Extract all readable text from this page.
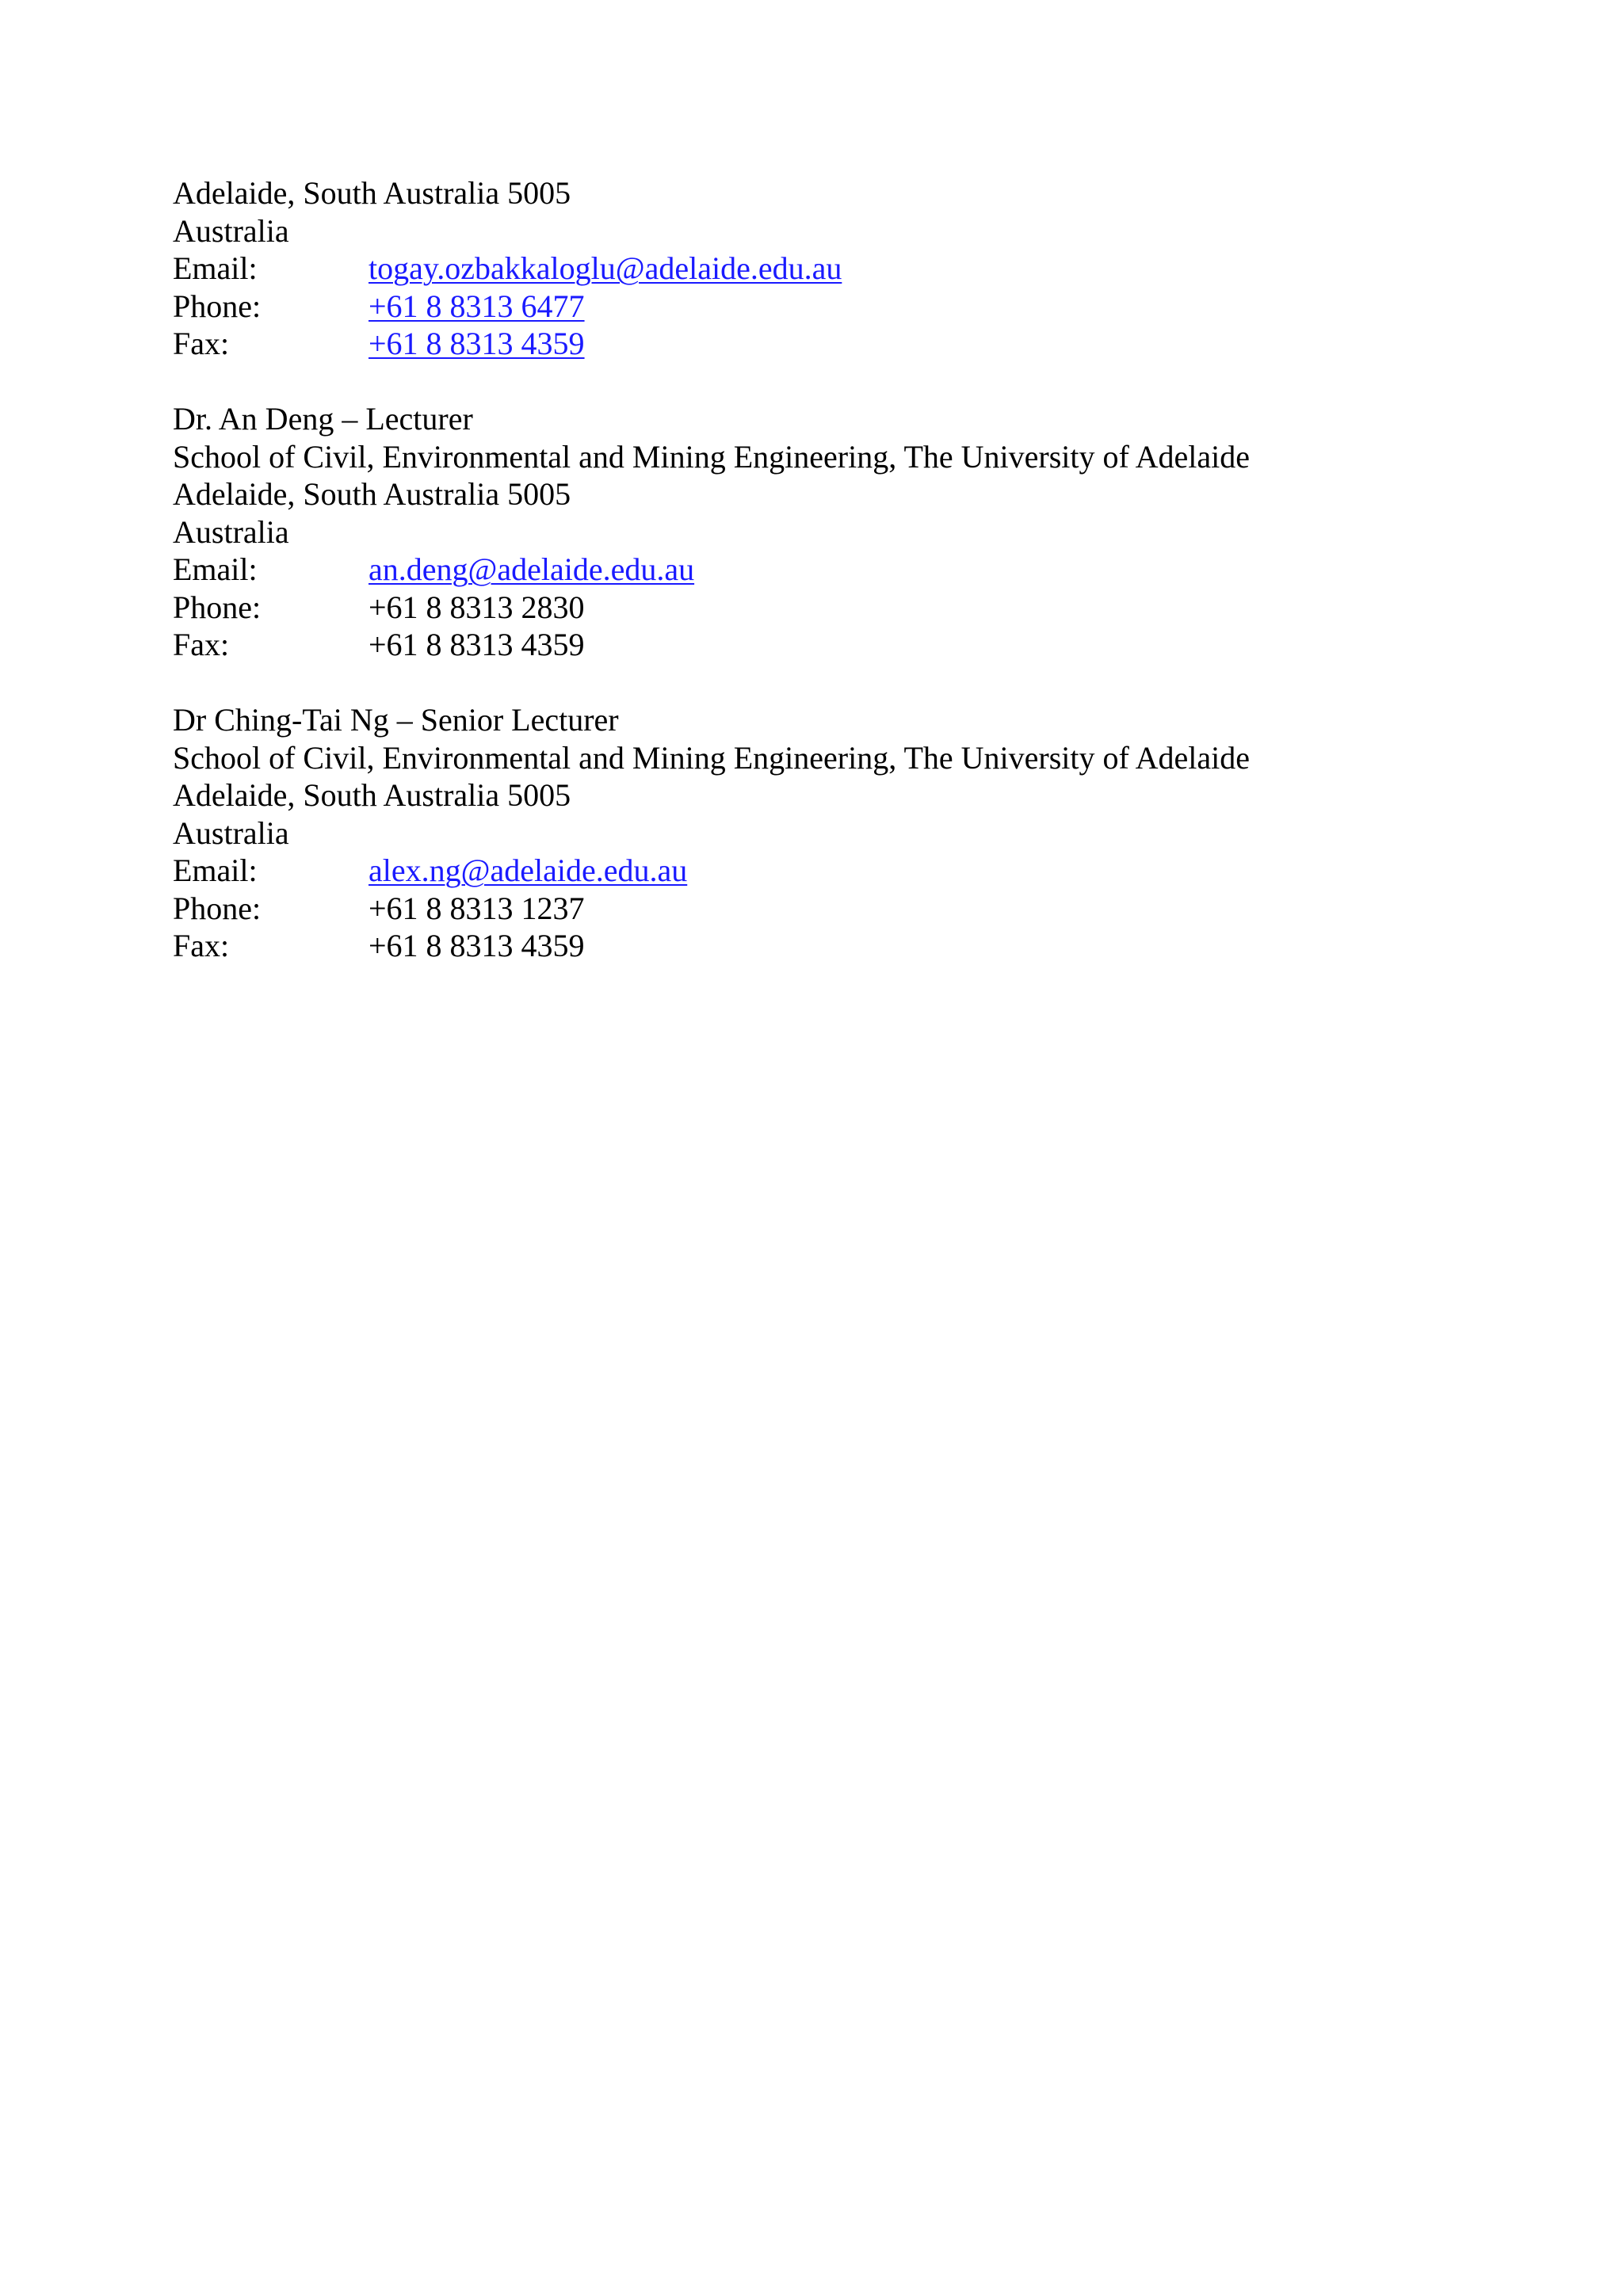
Adelaide, South Australia 5005
Australia
Email:	togay.ozbakkaloglu@adelaide.edu.au
Phone:	+61 8 8313 6477
Fax:	+61 8 8313 4359
Dr. An Deng – Lecturer
School of Civil, Environmental and Mining Engineering, The University of Adelaide
Adelaide, South Australia 5005
Australia
Email:	an.deng@adelaide.edu.au
Phone:	+61 8 8313 2830
Fax:	+61 8 8313 4359
Dr Ching-Tai Ng – Senior Lecturer
School of Civil, Environmental and Mining Engineering, The University of Adelaide
Adelaide, South Australia 5005
Australia
Email:	alex.ng@adelaide.edu.au
Phone:	+61 8 8313 1237
Fax:	+61 8 8313 4359
